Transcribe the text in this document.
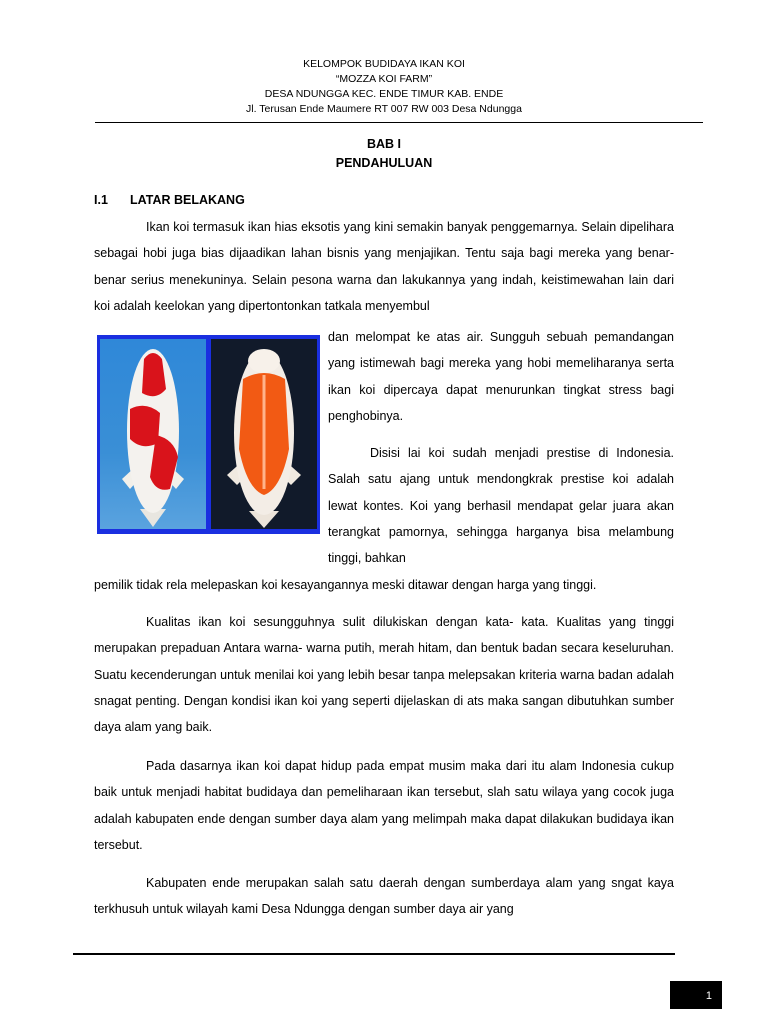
KELOMPOK BUDIDAYA IKAN KOI
“MOZZA KOI FARM”
DESA NDUNGGA KEC. ENDE TIMUR KAB. ENDE
Jl. Terusan Ende Maumere RT 007 RW 003 Desa Ndungga
BAB I
PENDAHULUAN
I.1 LATAR BELAKANG

Ikan koi termasuk ikan hias eksotis yang kini semakin banyak penggemarnya. Selain dipelihara sebagai hobi juga bias dijaadikan lahan bisnis yang menjajikan. Tentu saja bagi mereka yang benar-benar serius menekuninya. Selain pesona warna dan lakukannya yang indah, keistimewahan lain dari koi adalah keelokan yang dipertontonkan tatkala menyembul

dan melompat ke atas air. Sungguh sebuah pemandangan yang istimewah bagi mereka yang hobi memeliharanya serta ikan koi dipercaya dapat menurunkan tingkat stress bagi penghobinya.

Disisi lai koi sudah menjadi prestise di Indonesia. Salah satu ajang untuk mendongkrak prestise koi adalah lewat kontes. Koi yang berhasil mendapat gelar juara akan terangkat pamornya, sehingga harganya bisa melambung tinggi, bahkan

pemilik tidak rela melepaskan koi kesayangannya meski ditawar dengan harga yang tinggi.

Kualitas ikan koi sesungguhnya sulit dilukiskan dengan kata- kata. Kualitas yang tinggi merupakan prepaduan Antara warna- warna putih, merah hitam, dan bentuk badan secara keseluruhan. Suatu kecenderungan untuk menilai koi yang lebih besar tanpa melepsakan kriteria warna badan adalah snagat penting. Dengan kondisi ikan koi yang seperti dijelaskan di ats maka sangan dibutuhkan sumber daya alam yang baik.

Pada dasarnya ikan koi dapat hidup pada empat musim maka dari itu alam Indonesia cukup baik untuk menjadi habitat budidaya dan pemeliharaan ikan tersebut, slah satu wilaya yang cocok juga adalah kabupaten ende dengan sumber daya alam yang melimpah maka dapat dilakukan budidaya ikan tersebut.

Kabupaten ende merupakan salah satu daerah dengan sumberdaya alam yang sngat kaya terkhusuh untuk wilayah kami Desa Ndungga dengan sumber daya air yang

1
